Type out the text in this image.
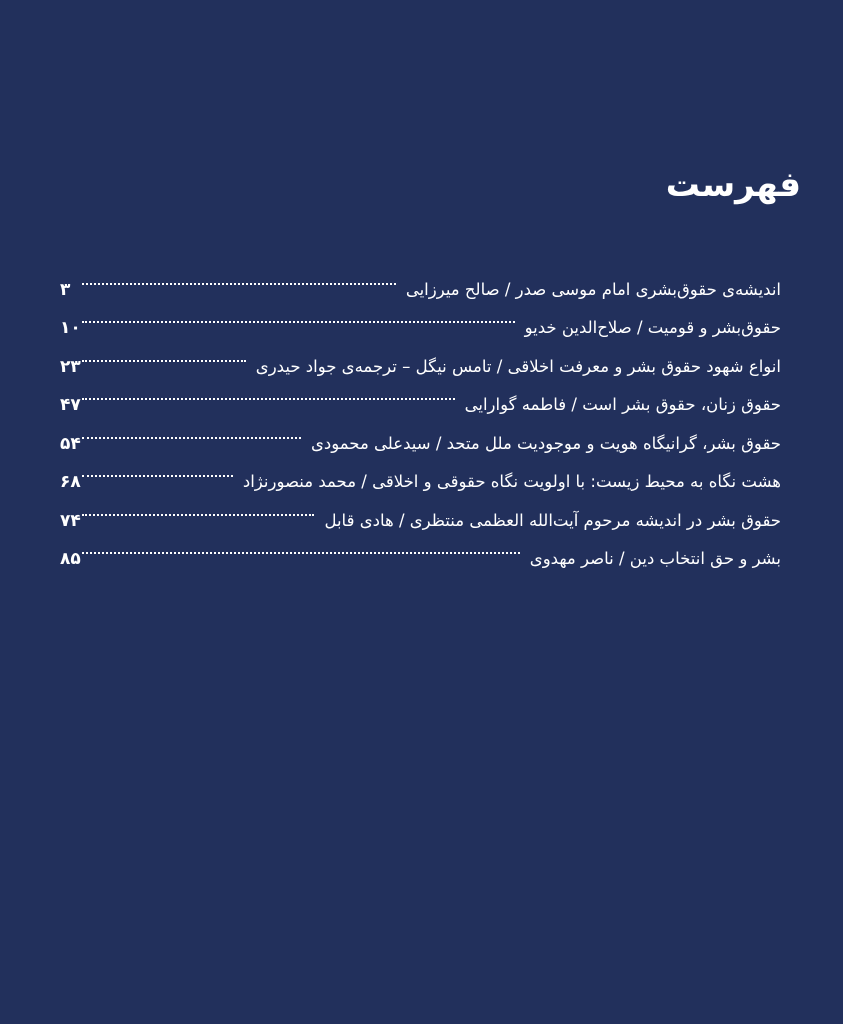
فهرست
اندیشه‌ی حقوق‌بشری امام موسی صدر / صالح میرزایی
۳
حقوق‌بشر و قومیت / صلاح‌الدین خدیو
۱۰
انواع شهود حقوق بشر و معرفت اخلاقی / تامس نیگل – ترجمه‌ی جواد حیدری
۲۳
حقوق زنان، حقوق بشر است / فاطمه گوارایی
۴۷
حقوق بشر، گرانیگاه هویت و موجودیت ملل متحد / سیدعلی محمودی
۵۴
هشت نگاه به محیط زیست: با اولویت نگاه حقوقی و اخلاقی / محمد منصورنژاد
۶۸
حقوق بشر در اندیشه مرحوم آیت‌الله العظمی منتظری / هادی قابل
۷۴
بشر و حق انتخاب دین / ناصر مهدوی
۸۵
